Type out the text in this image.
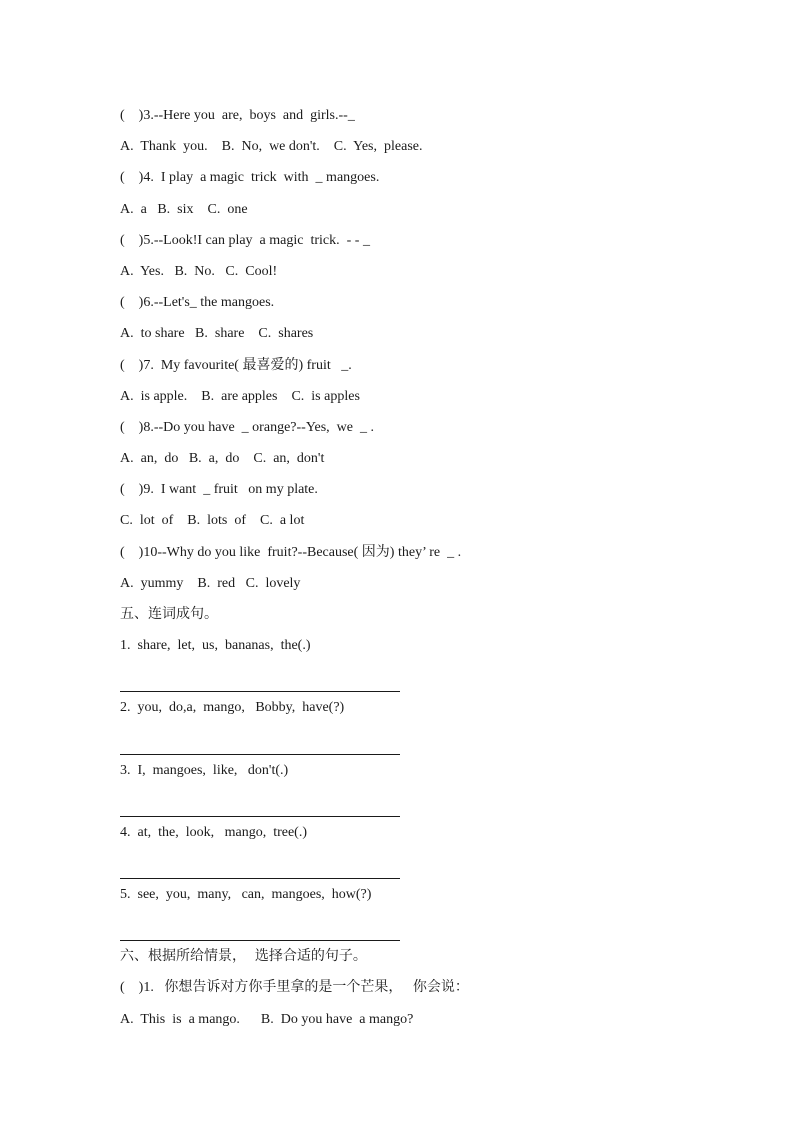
(    )3.--Here you  are,  boys  and  girls.--_
A.  Thank  you.    B.  No,  we don't.    C.  Yes,  please.
(    )4.  I play  a magic  trick  with  _ mangoes.
A.  a   B.  six    C.  one
(    )5.--Look!I can play  a magic  trick.  - - _
A.  Yes.   B.  No.   C.  Cool!
(    )6.--Let's_ the mangoes.
A.  to share   B.  share    C.  shares
(    )7.  My favourite( 最喜爱的) fruit   _.
A.  is apple.    B.  are apples    C.  is apples
(    )8.--Do you have  _ orange?--Yes,  we  _ .
A.  an,  do   B.  a,  do    C.  an,  don't
(    )9.  I want  _ fruit   on my plate.
C.  lot  of    B.  lots  of    C.  a lot
(    )10--Why do you like  fruit?--Because( 因为) they’ re  _ .
A.  yummy    B.  red   C.  lovely
五、连词成句。
1.  share,  let,  us,  bananas,  the(.)
2.  you,  do,a,  mango,   Bobby,  have(?)
3.  I,  mangoes,  like,   don't(.)
4.  at,  the,  look,   mango,  tree(.)
5.  see,  you,  many,   can,  mangoes,  how(?)
六、根据所给情景，  选择合适的句子。
(    )1.   你想告诉对方你手里拿的是一个芒果，   你会说：
A.  This  is  a mango.      B.  Do you have  a mango?
